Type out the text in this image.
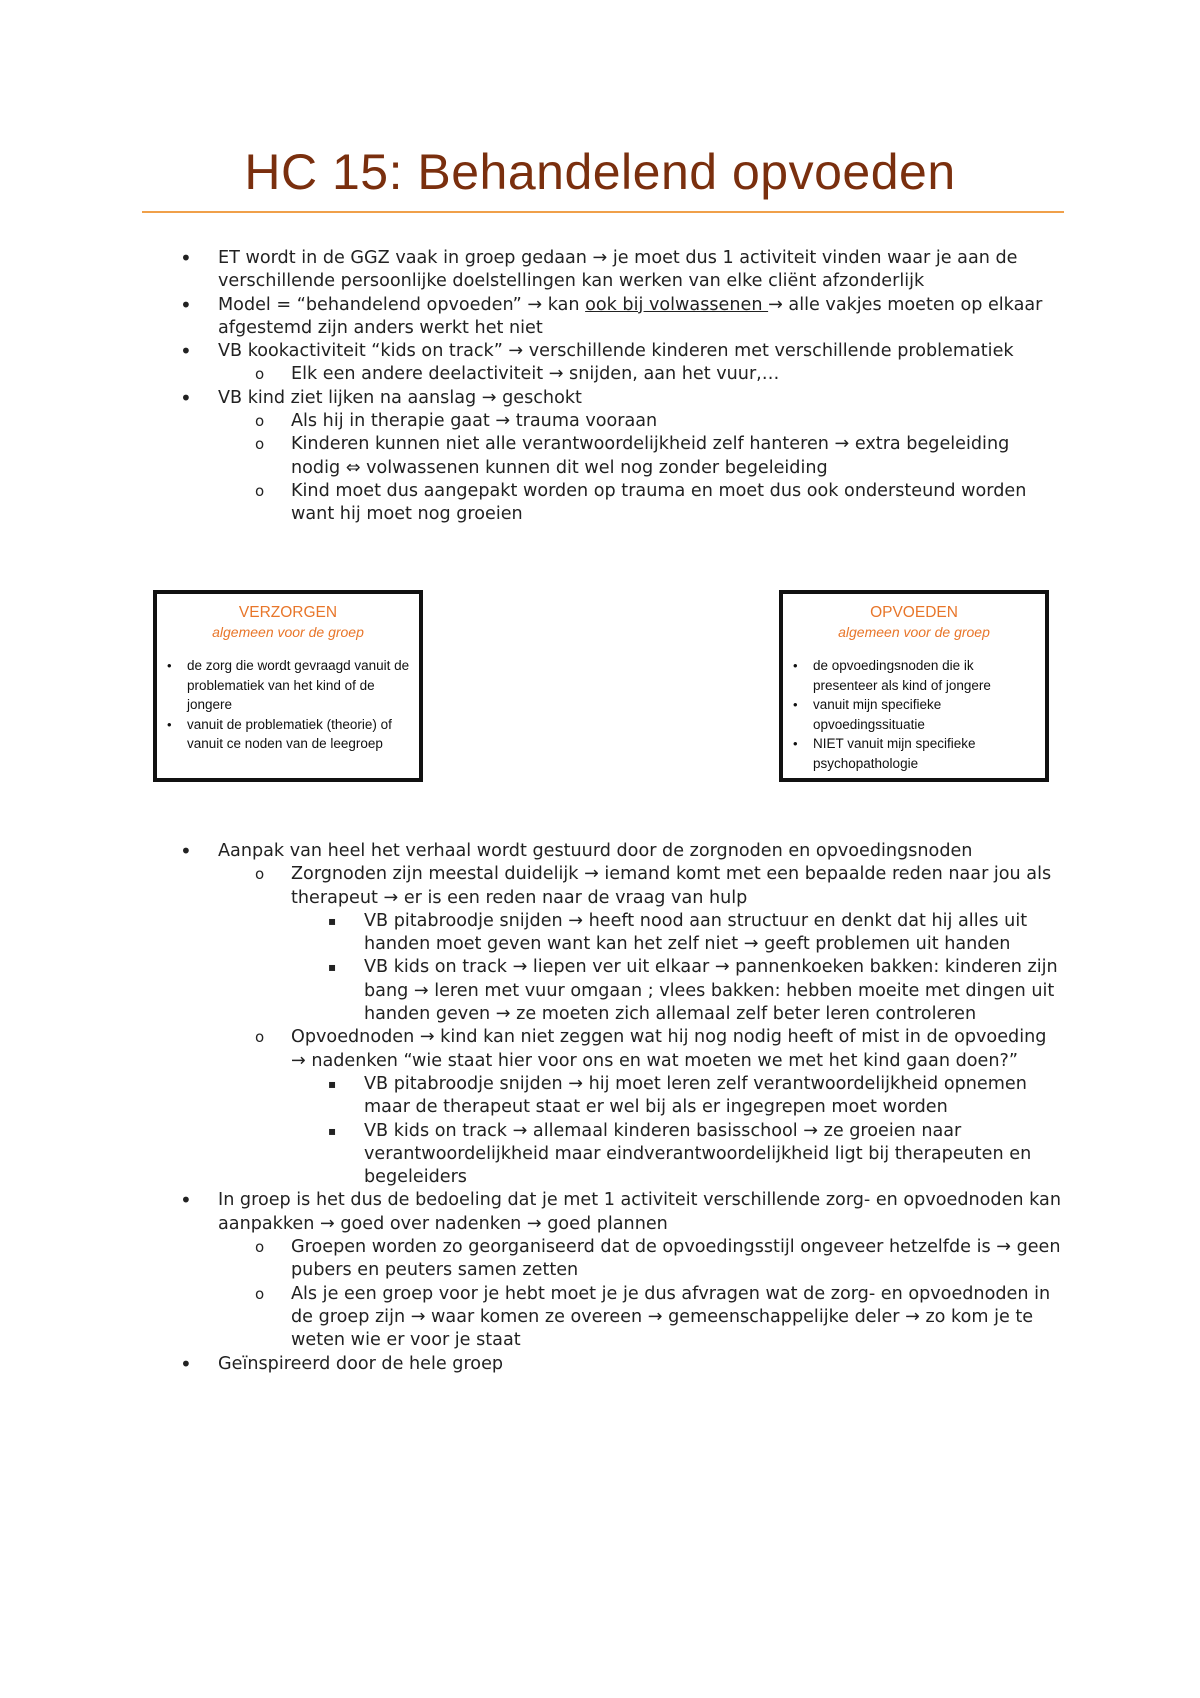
HC 15: Behandelend opvoeden
• ET wordt in de GGZ vaak in groep gedaan → je moet dus 1 activiteit vinden waar je aan de verschillende persoonlijke doelstellingen kan werken van elke cliënt afzonderlijk
• Model = “behandelend opvoeden” → kan ook bij volwassenen → alle vakjes moeten op elkaar afgestemd zijn anders werkt het niet
• VB kookactiviteit “kids on track” → verschillende kinderen met verschillende problematiek
o Elk een andere deelactiviteit → snijden, aan het vuur,…
• VB kind ziet lijken na aanslag → geschokt
o Als hij in therapie gaat → trauma vooraan
o Kinderen kunnen niet alle verantwoordelijkheid zelf hanteren → extra begeleiding nodig ⇔ volwassenen kunnen dit wel nog zonder begeleiding
o Kind moet dus aangepakt worden op trauma en moet dus ook ondersteund worden want hij moet nog groeien
VERZORGEN
algemeen voor de groep
• de zorg die wordt gevraagd vanuit de problematiek van het kind of de jongere
• vanuit de problematiek (theorie) of vanuit ce noden van de leegroep
OPVOEDEN
algemeen voor de groep
• de opvoedingsnoden die ik presenteer als kind of jongere
• vanuit mijn specifieke opvoedingssituatie
• NIET vanuit mijn specifieke psychopathologie
• Aanpak van heel het verhaal wordt gestuurd door de zorgnoden en opvoedingsnoden
o Zorgnoden zijn meestal duidelijk → iemand komt met een bepaalde reden naar jou als therapeut → er is een reden naar de vraag van hulp
▪ VB pitabroodje snijden → heeft nood aan structuur en denkt dat hij alles uit handen moet geven want kan het zelf niet → geeft problemen uit handen
▪ VB kids on track → liepen ver uit elkaar → pannenkoeken bakken: kinderen zijn bang → leren met vuur omgaan ; vlees bakken: hebben moeite met dingen uit handen geven → ze moeten zich allemaal zelf beter leren controleren
o Opvoednoden → kind kan niet zeggen wat hij nog nodig heeft of mist in de opvoeding → nadenken “wie staat hier voor ons en wat moeten we met het kind gaan doen?”
▪ VB pitabroodje snijden → hij moet leren zelf verantwoordelijkheid opnemen maar de therapeut staat er wel bij als er ingegrepen moet worden
▪ VB kids on track → allemaal kinderen basisschool → ze groeien naar verantwoordelijkheid maar eindverantwoordelijkheid ligt bij therapeuten en begeleiders
• In groep is het dus de bedoeling dat je met 1 activiteit verschillende zorg- en opvoednoden kan aanpakken → goed over nadenken → goed plannen
o Groepen worden zo georganiseerd dat de opvoedingsstijl ongeveer hetzelfde is → geen pubers en peuters samen zetten
o Als je een groep voor je hebt moet je je dus afvragen wat de zorg- en opvoednoden in de groep zijn → waar komen ze overeen → gemeenschappelijke deler → zo kom je te weten wie er voor je staat
• Geïnspireerd door de hele groep
